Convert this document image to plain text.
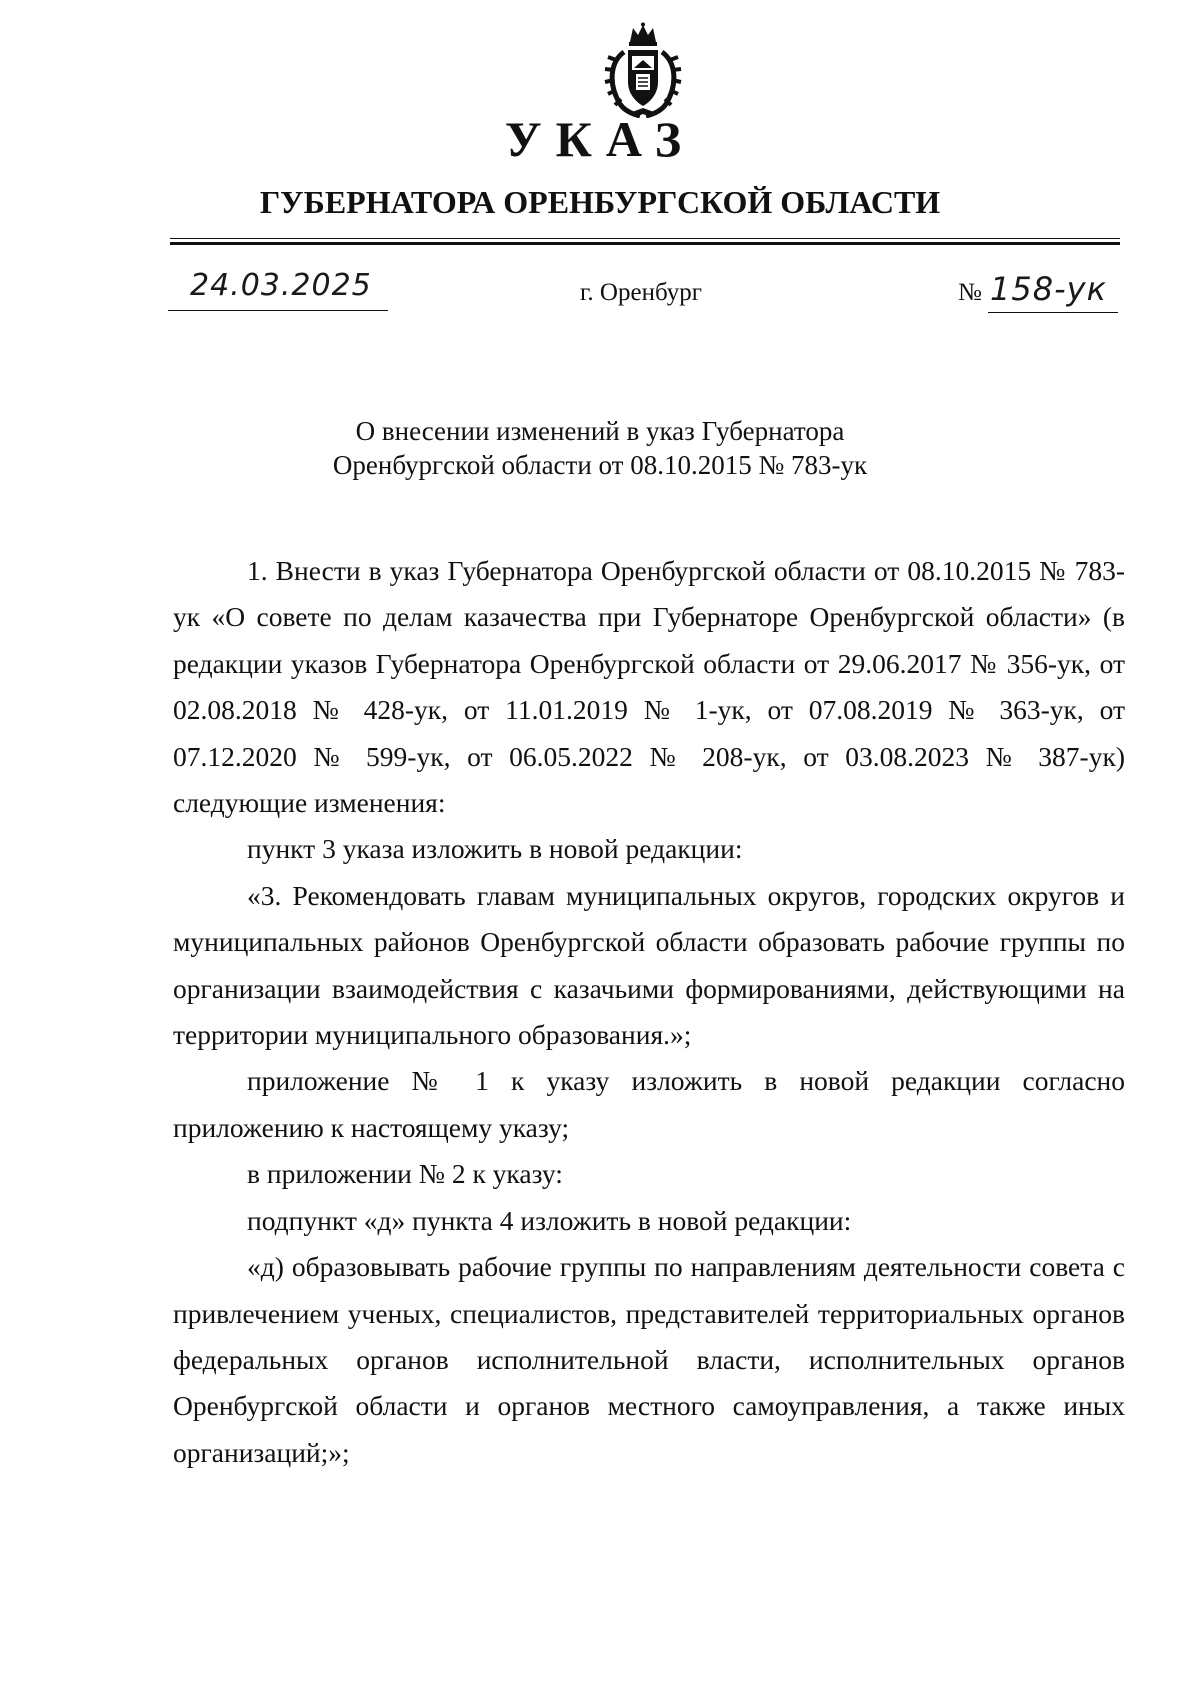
УКАЗ
ГУБЕРНАТОРА ОРЕНБУРГСКОЙ ОБЛАСТИ
24.03.2025	г. Оренбург	№ 158-ук
О внесении изменений в указ Губернатора
Оренбургской области от 08.10.2015 № 783-ук

1. Внести в указ Губернатора Оренбургской области от 08.10.2015 № 783-ук «О совете по делам казачества при Губернаторе Оренбургской области» (в редакции указов Губернатора Оренбургской области от 29.06.2017 № 356-ук, от 02.08.2018 № 428-ук, от 11.01.2019 № 1-ук, от 07.08.2019 № 363-ук, от 07.12.2020 № 599-ук, от 06.05.2022 № 208-ук, от 03.08.2023 № 387-ук) следующие изменения:

пункт 3 указа изложить в новой редакции:

«3. Рекомендовать главам муниципальных округов, городских округов и муниципальных районов Оренбургской области образовать рабочие группы по организации взаимодействия с казачьими формированиями, действующими на территории муниципального образования.»;

приложение № 1 к указу изложить в новой редакции согласно приложению к настоящему указу;

в приложении № 2 к указу:

подпункт «д» пункта 4 изложить в новой редакции:

«д) образовывать рабочие группы по направлениям деятельности совета с привлечением ученых, специалистов, представителей территориальных органов федеральных органов исполнительной власти, исполнительных органов Оренбургской области и органов местного самоуправления, а также иных организаций;»;
